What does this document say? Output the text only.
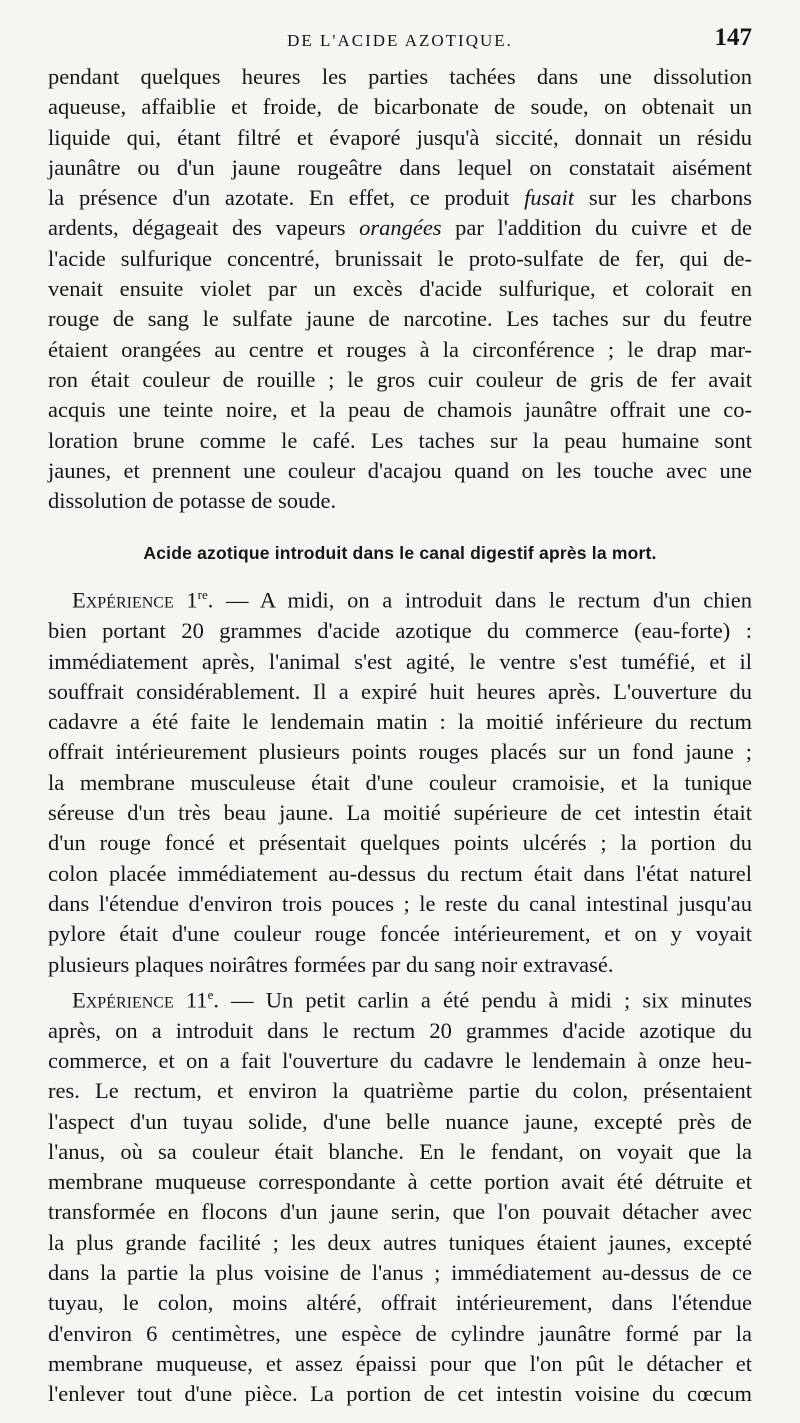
DE L'ACIDE AZOTIQUE.	147
pendant quelques heures les parties tachées dans une dissolution
aqueuse, affaiblie et froide, de bicarbonate de soude, on obtenait un
liquide qui, étant filtré et évaporé jusqu'à siccité, donnait un résidu
jaunâtre ou d'un jaune rougeâtre dans lequel on constatait aisément
la présence d'un azotate. En effet, ce produit fusait sur les charbons
ardents, dégageait des vapeurs orangées par l'addition du cuivre et de
l'acide sulfurique concentré, brunissait le proto-sulfate de fer, qui de-
venait ensuite violet par un excès d'acide sulfurique, et colorait en
rouge de sang le sulfate jaune de narcotine. Les taches sur du feutre
étaient orangées au centre et rouges à la circonférence ; le drap mar-
ron était couleur de rouille ; le gros cuir couleur de gris de fer avait
acquis une teinte noire, et la peau de chamois jaunâtre offrait une co-
loration brune comme le café. Les taches sur la peau humaine sont
jaunes, et prennent une couleur d'acajou quand on les touche avec une
dissolution de potasse de soude.
Acide azotique introduit dans le canal digestif après la mort.
Expérience 1re. — A midi, on a introduit dans le rectum d'un chien
bien portant 20 grammes d'acide azotique du commerce (eau-forte) :
immédiatement après, l'animal s'est agité, le ventre s'est tuméfié, et il
souffrait considérablement. Il a expiré huit heures après. L'ouverture du
cadavre a été faite le lendemain matin : la moitié inférieure du rectum
offrait intérieurement plusieurs points rouges placés sur un fond jaune ;
la membrane musculeuse était d'une couleur cramoisie, et la tunique
séreuse d'un très beau jaune. La moitié supérieure de cet intestin était
d'un rouge foncé et présentait quelques points ulcérés ; la portion du
colon placée immédiatement au-dessus du rectum était dans l'état naturel
dans l'étendue d'environ trois pouces ; le reste du canal intestinal jusqu'au
pylore était d'une couleur rouge foncée intérieurement, et on y voyait
plusieurs plaques noirâtres formées par du sang noir extravasé.
Expérience 11e. — Un petit carlin a été pendu à midi ; six minutes
après, on a introduit dans le rectum 20 grammes d'acide azotique du
commerce, et on a fait l'ouverture du cadavre le lendemain à onze heu-
res. Le rectum, et environ la quatrième partie du colon, présentaient
l'aspect d'un tuyau solide, d'une belle nuance jaune, excepté près de
l'anus, où sa couleur était blanche. En le fendant, on voyait que la
membrane muqueuse correspondante à cette portion avait été détruite et
transformée en flocons d'un jaune serin, que l'on pouvait détacher avec
la plus grande facilité ; les deux autres tuniques étaient jaunes, excepté
dans la partie la plus voisine de l'anus ; immédiatement au-dessus de ce
tuyau, le colon, moins altéré, offrait intérieurement, dans l'étendue
d'environ 6 centimètres, une espèce de cylindre jaunâtre formé par la
membrane muqueuse, et assez épaissi pour que l'on pût le détacher et
l'enlever tout d'une pièce. La portion de cet intestin voisine du cœcum
